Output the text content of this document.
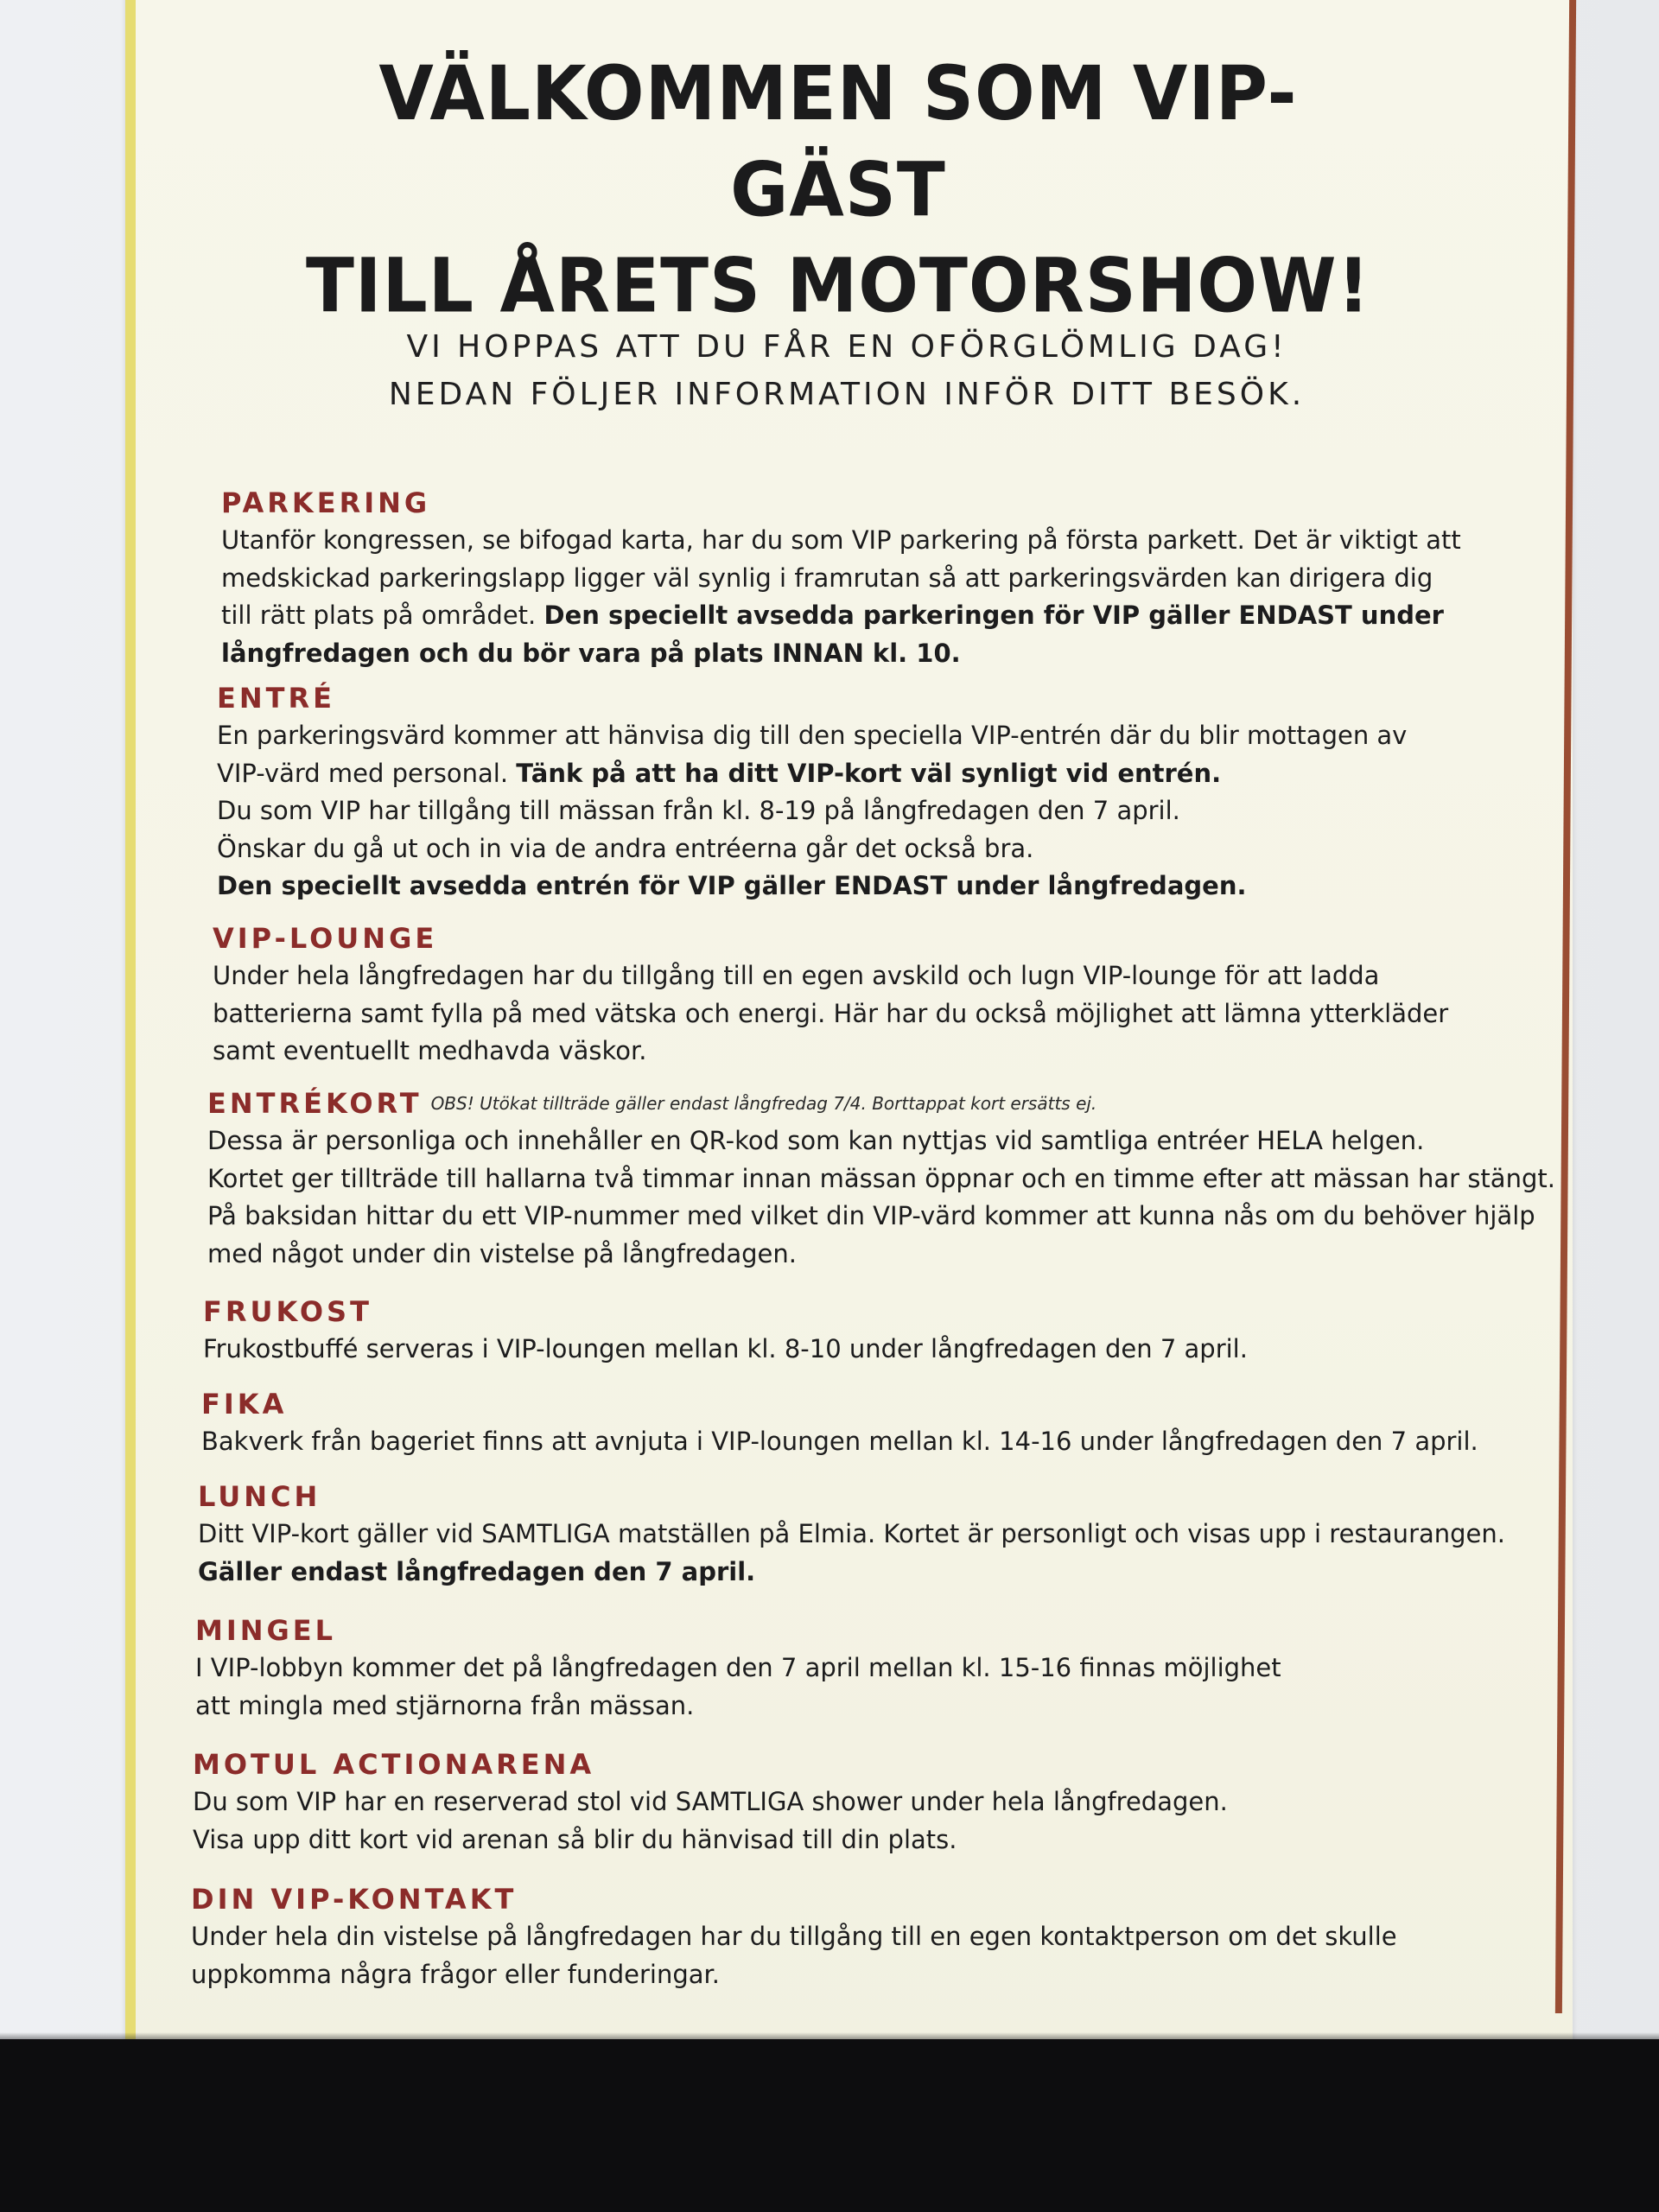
VÄLKOMMEN SOM VIP-GÄST
TILL ÅRETS MOTORSHOW!
VI HOPPAS ATT DU FÅR EN OFÖRGLÖMLIG DAG!
NEDAN FÖLJER INFORMATION INFÖR DITT BESÖK.
PARKERING
Utanför kongressen, se bifogad karta, har du som VIP parkering på första parkett. Det är viktigt att
medskickad parkeringslapp ligger väl synlig i framrutan så att parkeringsvärden kan dirigera dig
till rätt plats på området. Den speciellt avsedda parkeringen för VIP gäller ENDAST under
långfredagen och du bör vara på plats INNAN kl. 10.
ENTRÉ
En parkeringsvärd kommer att hänvisa dig till den speciella VIP-entrén där du blir mottagen av
VIP-värd med personal. Tänk på att ha ditt VIP-kort väl synligt vid entrén.
Du som VIP har tillgång till mässan från kl. 8-19 på långfredagen den 7 april.
Önskar du gå ut och in via de andra entréerna går det också bra.
Den speciellt avsedda entrén för VIP gäller ENDAST under långfredagen.
VIP-LOUNGE
Under hela långfredagen har du tillgång till en egen avskild och lugn VIP-lounge för att ladda
batterierna samt fylla på med vätska och energi. Här har du också möjlighet att lämna ytterkläder
samt eventuellt medhavda väskor.
ENTRÉKORT OBS! Utökat tillträde gäller endast långfredag 7/4. Borttappat kort ersätts ej.
Dessa är personliga och innehåller en QR-kod som kan nyttjas vid samtliga entréer HELA helgen.
Kortet ger tillträde till hallarna två timmar innan mässan öppnar och en timme efter att mässan har stängt.
På baksidan hittar du ett VIP-nummer med vilket din VIP-värd kommer att kunna nås om du behöver hjälp
med något under din vistelse på långfredagen.
FRUKOST
Frukostbuffé serveras i VIP-loungen mellan kl. 8-10 under långfredagen den 7 april.
FIKA
Bakverk från bageriet finns att avnjuta i VIP-loungen mellan kl. 14-16 under långfredagen den 7 april.
LUNCH
Ditt VIP-kort gäller vid SAMTLIGA matställen på Elmia. Kortet är personligt och visas upp i restaurangen.
Gäller endast långfredagen den 7 april.
MINGEL
I VIP-lobbyn kommer det på långfredagen den 7 april mellan kl. 15-16 finnas möjlighet
att mingla med stjärnorna från mässan.
MOTUL ACTIONARENA
Du som VIP har en reserverad stol vid SAMTLIGA shower under hela långfredagen.
Visa upp ditt kort vid arenan så blir du hänvisad till din plats.
DIN VIP-KONTAKT
Under hela din vistelse på långfredagen har du tillgång till en egen kontaktperson om det skulle
uppkomma några frågor eller funderingar.
